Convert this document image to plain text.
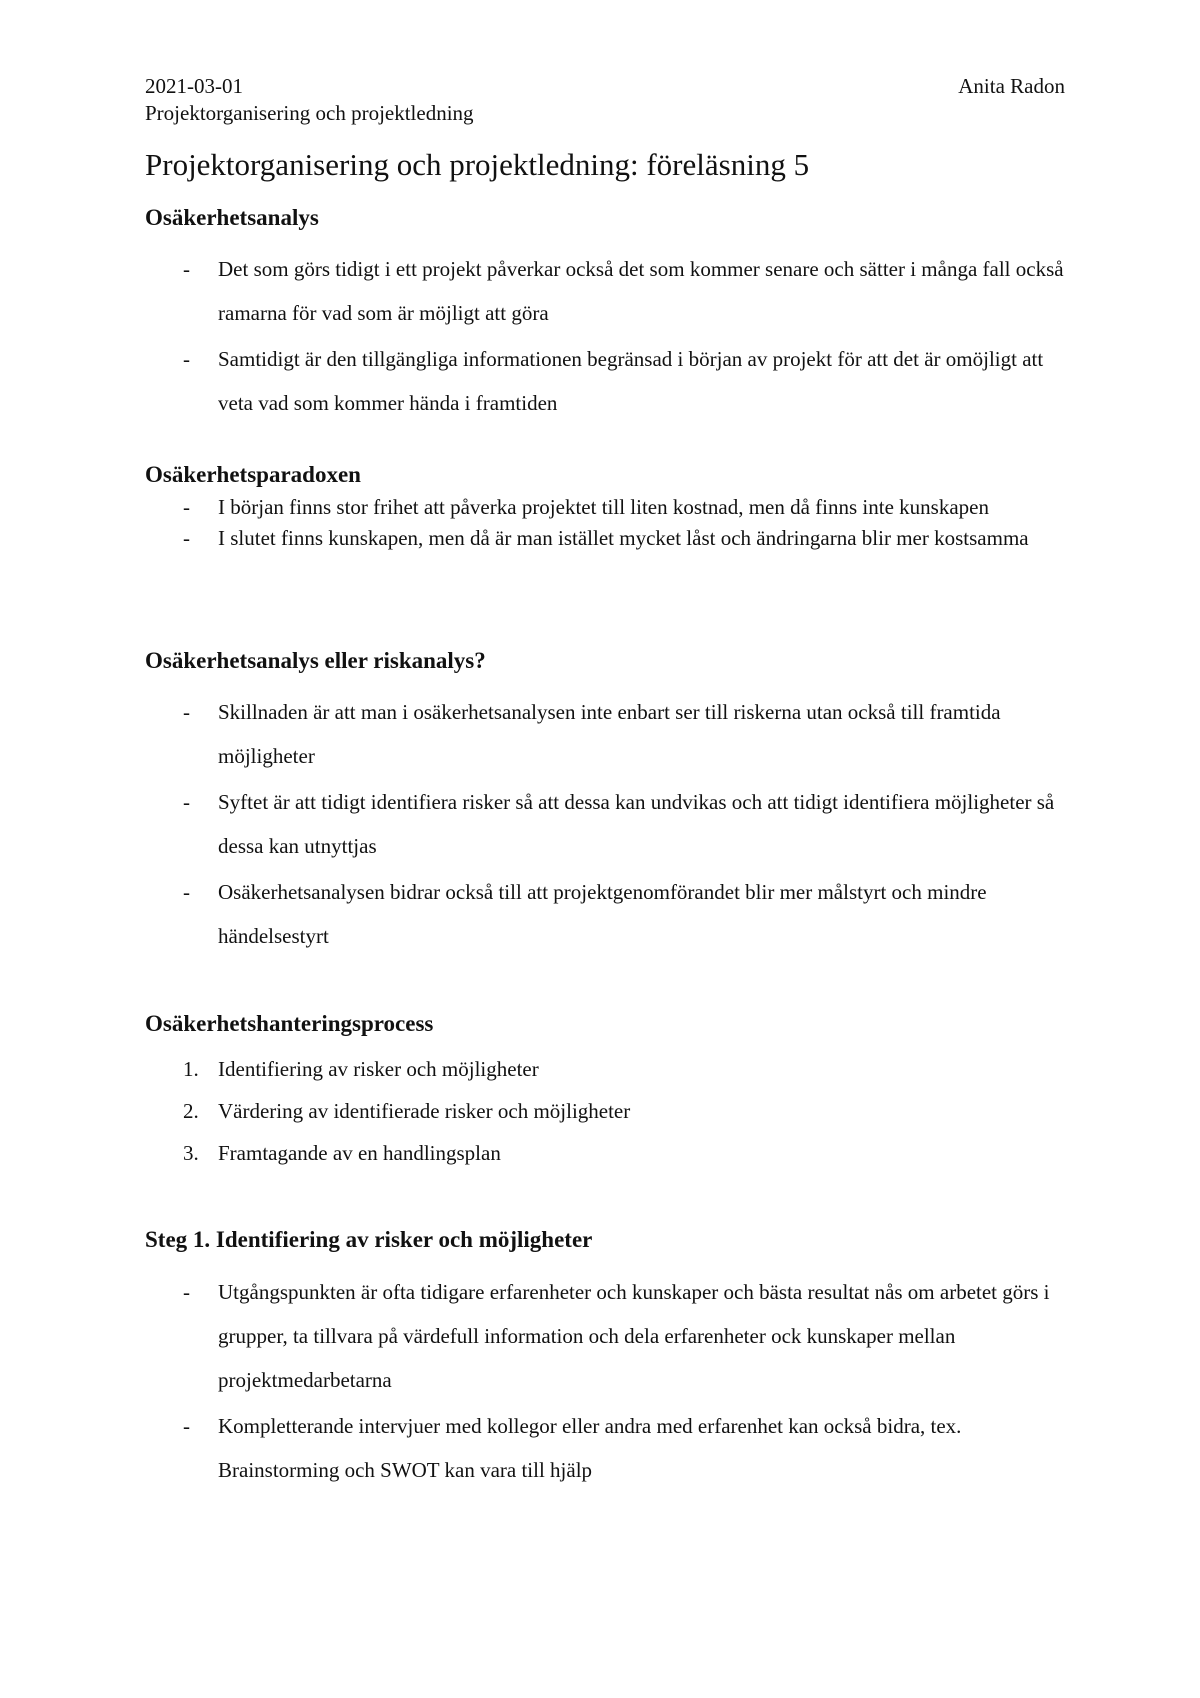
2021-03-01	Anita Radon
Projektorganisering och projektledning
Projektorganisering och projektledning: föreläsning 5
Osäkerhetsanalys
- Det som görs tidigt i ett projekt påverkar också det som kommer senare och sätter i många fall också ramarna för vad som är möjligt att göra
- Samtidigt är den tillgängliga informationen begränsad i början av projekt för att det är omöjligt att veta vad som kommer hända i framtiden
Osäkerhetsparadoxen
- I början finns stor frihet att påverka projektet till liten kostnad, men då finns inte kunskapen
- I slutet finns kunskapen, men då är man istället mycket låst och ändringarna blir mer kostsamma
Osäkerhetsanalys eller riskanalys?
- Skillnaden är att man i osäkerhetsanalysen inte enbart ser till riskerna utan också till framtida möjligheter
- Syftet är att tidigt identifiera risker så att dessa kan undvikas och att tidigt identifiera möjligheter så dessa kan utnyttjas
- Osäkerhetsanalysen bidrar också till att projektgenomförandet blir mer målstyrt och mindre händelsestyrt
Osäkerhetshanteringsprocess
1. Identifiering av risker och möjligheter
2. Värdering av identifierade risker och möjligheter
3. Framtagande av en handlingsplan
Steg 1. Identifiering av risker och möjligheter
- Utgångspunkten är ofta tidigare erfarenheter och kunskaper och bästa resultat nås om arbetet görs i grupper, ta tillvara på värdefull information och dela erfarenheter ock kunskaper mellan projektmedarbetarna
- Kompletterande intervjuer med kollegor eller andra med erfarenhet kan också bidra, tex. Brainstorming och SWOT kan vara till hjälp
